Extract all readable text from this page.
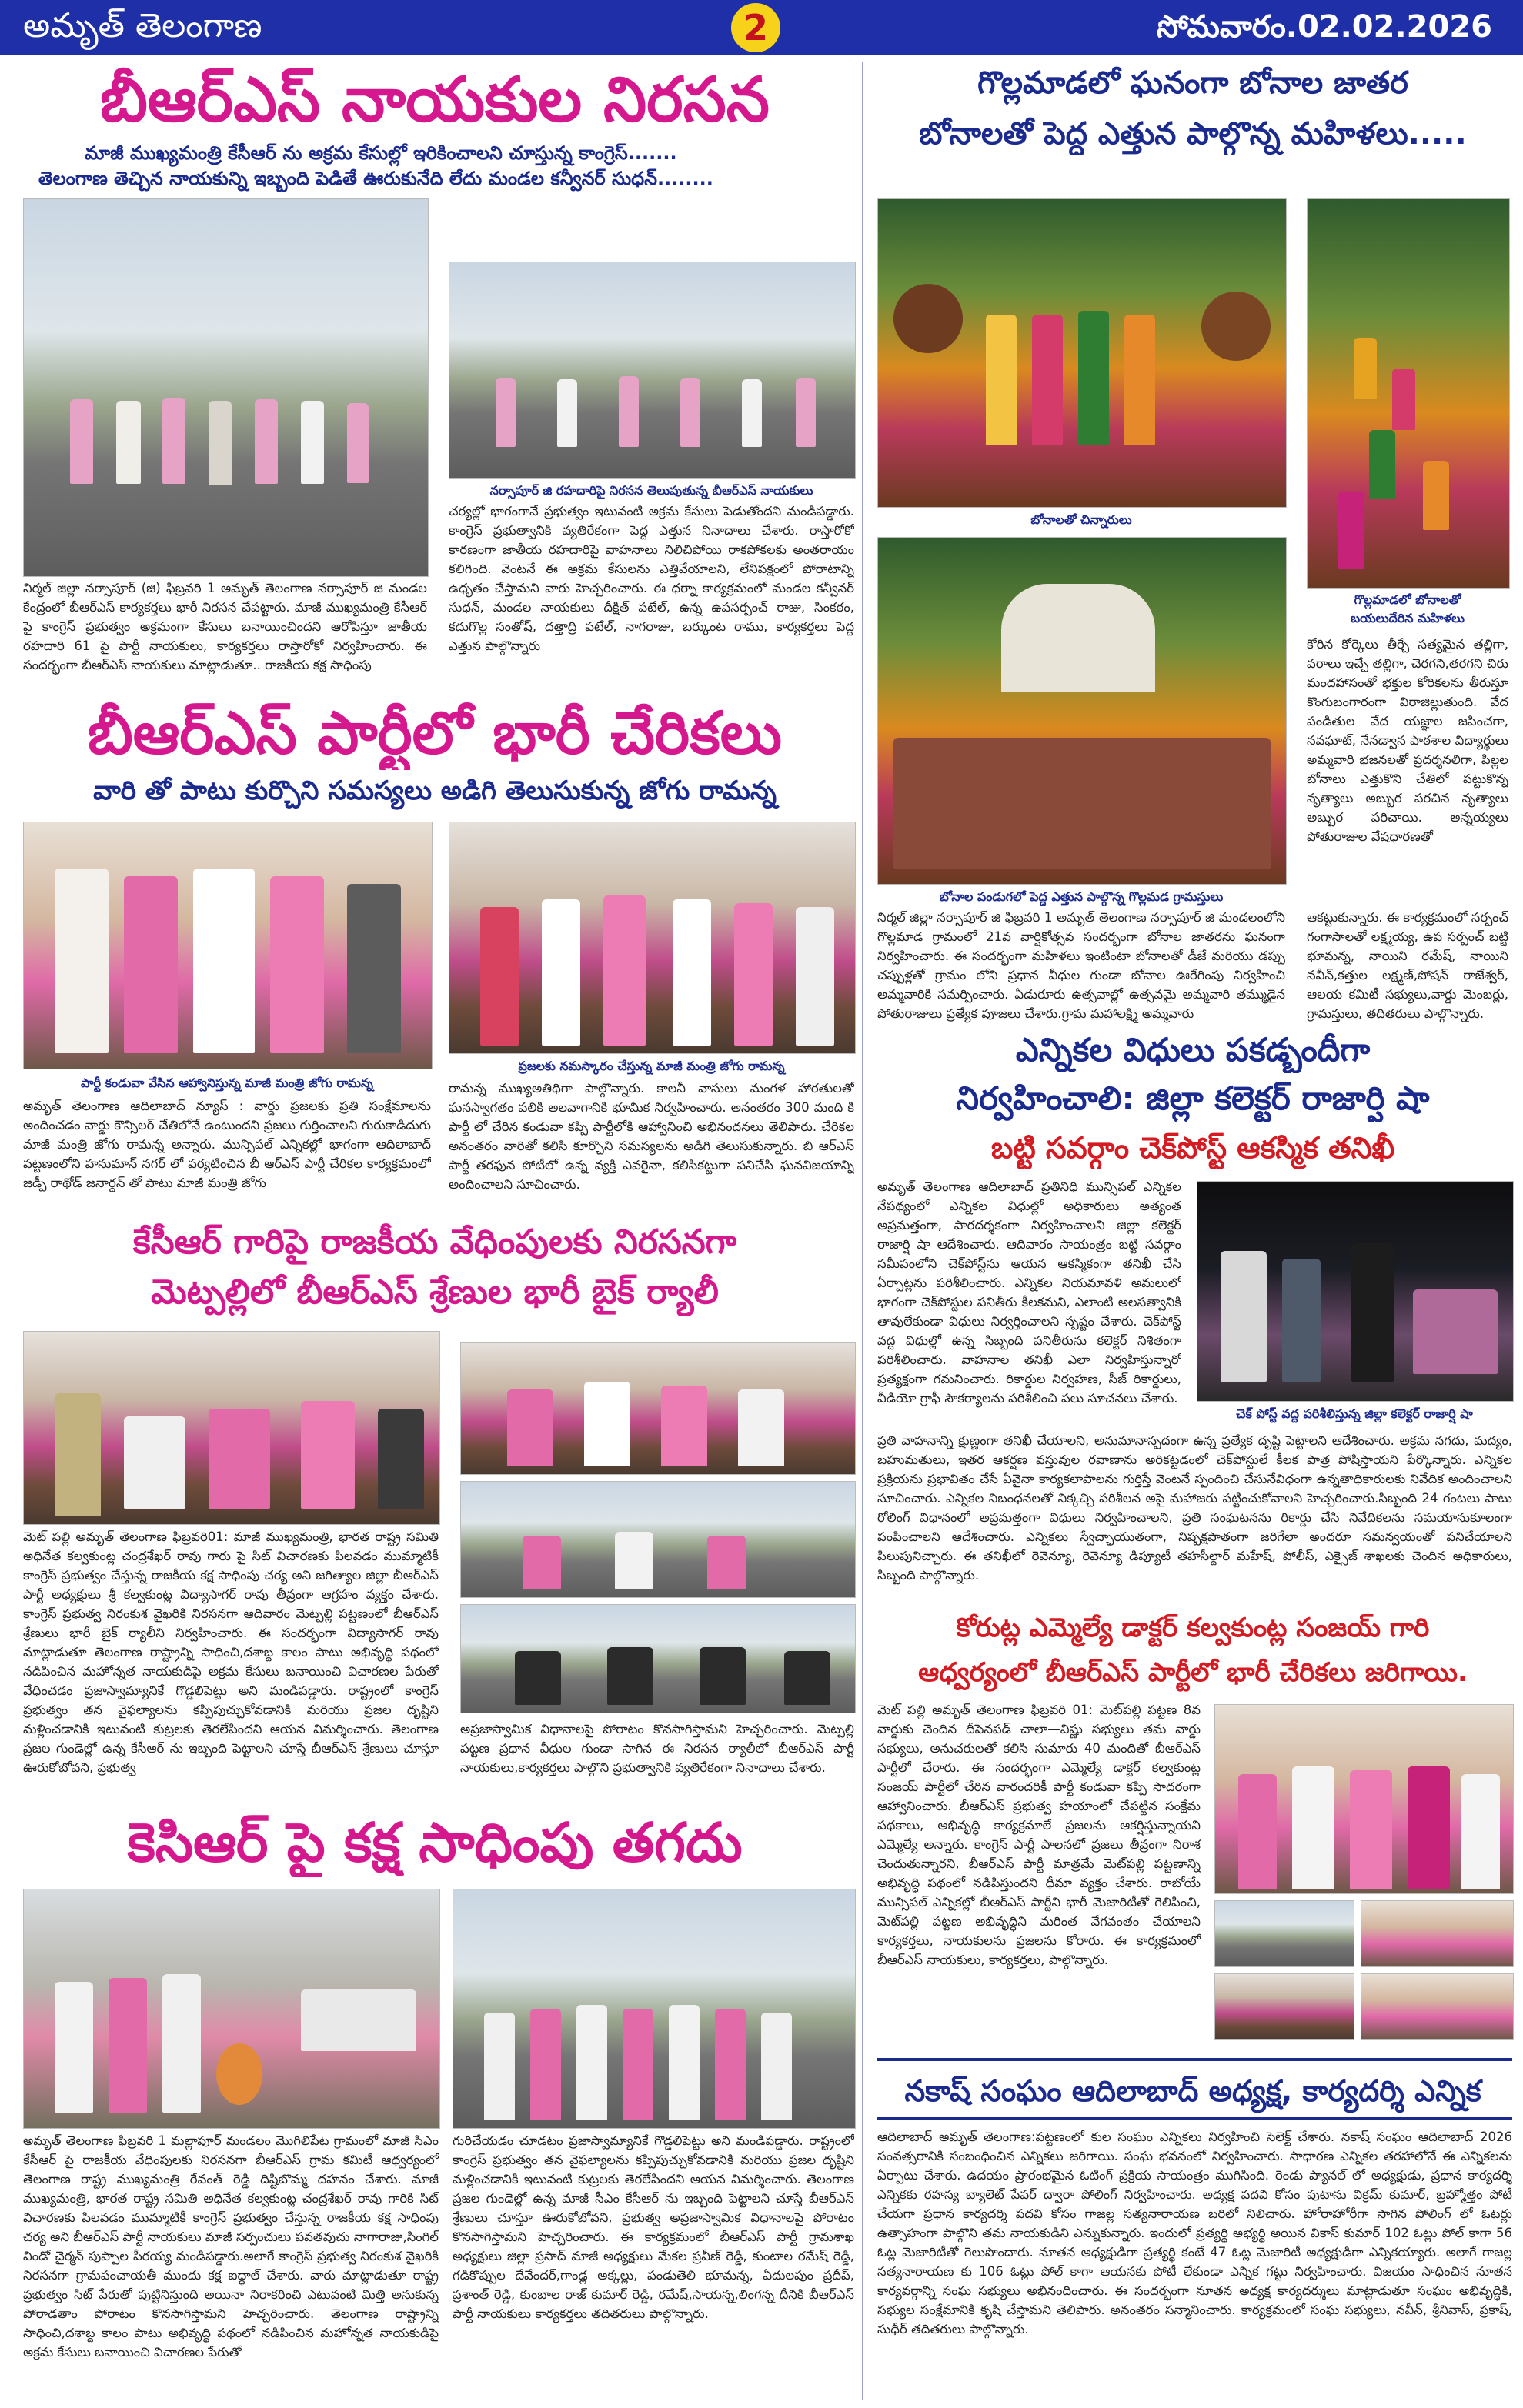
అమృత్ తెలంగాణ	2	సోమవారం.02.02.2026
బీఆర్ఎస్ నాయకుల నిరసన
మాజీ ముఖ్యమంత్రి కేసీఆర్ ను అక్రమ కేసుల్లో ఇరికించాలని చూస్తున్న కాంగ్రెస్.......
తెలంగాణ తెచ్చిన నాయకున్ని ఇబ్బంది పెడితే ఊరుకునేది లేదు మండల కన్వీనర్ సుధన్........
నర్సాపూర్ జి రహదారిపై నిరసన తెలుపుతున్న బీఆర్ఎస్ నాయకులు
నిర్మల్ జిల్లా నర్సాపూర్ (జి) ఫిబ్రవరి 1 అమృత్ తెలంగాణ నర్సాపూర్ జి మండల కేంద్రంలో బీఆర్ఎస్ కార్యకర్తలు భారీ నిరసన చేపట్టారు. మాజీ ముఖ్యమంత్రి కేసీఆర్ పై కాంగ్రెస్ ప్రభుత్వం అక్రమంగా కేసులు బనాయించిందని ఆరోపిస్తూ జాతీయ రహదారి 61 పై పార్టీ నాయకులు, కార్యకర్తలు రాస్తారోకో నిర్వహించారు. ఈ సందర్భంగా బీఆర్ఎస్ నాయకులు మాట్లాడుతూ.. రాజకీయ కక్ష సాధింపు
చర్యల్లో భాగంగానే ప్రభుత్వం ఇటువంటి అక్రమ కేసులు పెడుతోందని మండిపడ్డారు. కాంగ్రెస్ ప్రభుత్వానికి వ్యతిరేకంగా పెద్ద ఎత్తున నినాదాలు చేశారు. రాస్తారోకో కారణంగా జాతీయ రహదారిపై వాహనాలు నిలిచిపోయి రాకపోకలకు అంతరాయం కలిగింది. వెంటనే ఈ అక్రమ కేసులను ఎత్తివేయాలని, లేనిపక్షంలో పోరాటాన్ని ఉధృతం చేస్తామని వారు హెచ్చరించారు. ఈ ధర్నా కార్యక్రమంలో మండల కన్వీనర్ సుధన్, మండల నాయకులు దీక్షిత్ పటేల్, ఉన్న ఉపసర్పంచ్ రాజు, సింకఠం, కదుగొల్ల సంతోష్, దత్తాద్రి పటేల్, నాగరాజు, బర్కుంట రాము, కార్యకర్తలు పెద్ద ఎత్తున పాల్గొన్నారు
బీఆర్ఎస్ పార్టీలో భారీ చేరికలు
వారి తో పాటు కుర్చొని సమస్యలు అడిగి తెలుసుకున్న జోగు రామన్న
పార్టీ కండువా వేసిన ఆహ్వానిస్తున్న మాజీ మంత్రి జోగు రామన్న
ప్రజలకు నమస్కారం చేస్తున్న మాజీ మంత్రి జోగు రామన్న
అమృత్ తెలంగాణ ఆదిలాబాద్ న్యూస్ : వార్డు ప్రజలకు ప్రతి సంక్షేమాలను అందించడం వార్డు కౌన్సిలర్ చేతిలోనే ఉంటుందని ప్రజలు గుర్తించాలని గురుకాడిదుగు మాజీ మంత్రి జోగు రామన్న అన్నారు. మున్సిపల్ ఎన్నికల్లో భాగంగా ఆదిలాబాద్ పట్టణంలోని హనుమాన్ నగర్ లో పర్యటించిన బీ ఆర్ఎస్ పార్టీ చేరికల కార్యక్రమంలో జడ్పీ రాథోడ్ జనార్దన్ తో పాటు మాజీ మంత్రి జోగు
రామన్న ముఖ్యఅతిథిగా పాల్గొన్నారు. కాలనీ వాసులు మంగళ హారతులతో ఘనస్వాగతం పలికి అలవాగానికి భూమిక నిర్వహించారు. అనంతరం 300 మంది కి పార్టీ లో చేరిన కండువా కప్పి పార్టీలోకి ఆహ్వానించి అభినందనలు తెలిపారు. చేరికల అనంతరం వారితో కలిసి కూర్చొని సమస్యలను అడిగి తెలుసుకున్నారు. బి ఆర్ఎస్ పార్టీ తరఫున పోటీలో ఉన్న వ్యక్తి ఎవరైనా, కలిసికట్టుగా పనిచేసి ఘనవిజయాన్ని అందించాలని సూచించారు.
కేసీఆర్ గారిపై రాజకీయ వేధింపులకు నిరసనగా
మెట్పల్లిలో బీఆర్ఎస్ శ్రేణుల భారీ బైక్ ర్యాలీ
మెట్ పల్లి అమృత్ తెలంగాణ ఫిబ్రవరి01: మాజీ ముఖ్యమంత్రి, భారత రాష్ట్ర సమితి అధినేత కల్వకుంట్ల చంద్రశేఖర్ రావు గారు పై సిట్ విచారణకు పిలవడం ముమ్మాటికీ కాంగ్రెస్ ప్రభుత్వం చేస్తున్న రాజకీయ కక్ష సాధింపు చర్య అని జగిత్యాల జిల్లా బీఆర్ఎస్ పార్టీ అధ్యక్షులు శ్రీ కల్వకుంట్ల విద్యాసాగర్ రావు తీవ్రంగా ఆగ్రహం వ్యక్తం చేశారు. కాంగ్రెస్ ప్రభుత్వ నిరంకుశ వైఖరికి నిరసనగా ఆదివారం మెట్పల్లి పట్టణంలో బీఆర్ఎస్ శ్రేణులు భారీ బైక్ ర్యాలీని నిర్వహించారు. ఈ సందర్భంగా విద్యాసాగర్ రావు మాట్లాడుతూ తెలంగాణ రాష్ట్రాన్ని సాధించి,దశాబ్ద కాలం పాటు అభివృద్ధి పథంలో నడిపించిన మహోన్నత నాయకుడిపై అక్రమ కేసులు బనాయించి విచారణల పేరుతో వేధించడం ప్రజాస్వామ్యానికే గొడ్డలిపెట్టు అని మండిపడ్డారు. రాష్ట్రంలో కాంగ్రెస్ ప్రభుత్వం తన వైఫల్యాలను కప్పిపుచ్చుకోవడానికి మరియు ప్రజల దృష్టిని మళ్లించడానికి ఇటువంటి కుట్రలకు తెరలేపిందని ఆయన విమర్శించారు. తెలంగాణ ప్రజల గుండెల్లో ఉన్న కేసీఆర్ ను ఇబ్బంది పెట్టాలని చూస్తే బీఆర్ఎస్ శ్రేణులు చూస్తూ ఊరుకోబోవని, ప్రభుత్వ
అప్రజాస్వామిక విధానాలపై పోరాటం కొనసాగిస్తామని హెచ్చరించారు. మెట్పల్లి పట్టణ ప్రధాన వీధుల గుండా సాగిన ఈ నిరసన ర్యాలీలో బీఆర్ఎస్ పార్టీ నాయకులు,కార్యకర్తలు పాల్గొని ప్రభుత్వానికి వ్యతిరేకంగా నినాదాలు చేశారు.
కెసిఆర్ పై కక్ష సాధింపు తగదు
అమృత్ తెలంగాణ ఫిబ్రవరి 1 మల్లాపూర్ మండలం మొగిలిపేట గ్రామంలో మాజీ సిఎం కేసీఆర్ పై రాజకీయ వేధింపులకు నిరసనగా బీఆర్ఎస్ గ్రామ కమిటీ ఆధ్వర్యంలో తెలంగాణ రాష్ట్ర ముఖ్యమంత్రి రేవంత్ రెడ్డి దిష్టిబొమ్మ దహనం చేశారు. మాజీ ముఖ్యమంత్రి, భారత రాష్ట్ర సమితి అధినేత కల్వకుంట్ల చంద్రశేఖర్ రావు గారికి సిట్ విచారణకు పిలవడం ముమ్మాటికీ కాంగ్రెస్ ప్రభుత్వం చేస్తున్న రాజకీయ కక్ష సాధింపు చర్య అని బీఆర్ఎస్ పార్టీ నాయకులు మాజీ సర్పంచులు పవతవుచు నాగారాజు,సింగిల్ విండో చైర్మన్ పుప్పాల పీరయ్య మండిపడ్డారు.అలాగే కాంగ్రెస్ ప్రభుత్వ నిరంకుశ వైఖరికి నిరసనగా గ్రామపంచాయతీ ముందు కక్ష ఐద్ధాల్ చేశారు. వారు మాట్లాడుతూ రాష్ట్ర ప్రభుత్వం సిట్ పేరుతో పుట్టినిస్తుంది అయినా నిరాకరించి ఎటువంటి మిత్తి అనుకున్న పోరాడతాం పోరాటం కొనసాగిస్తామని హెచ్చరించారు. తెలంగాణ రాష్ట్రాన్ని సాధించి,దశాబ్ద కాలం పాటు అభివృద్ధి పథంలో నడిపించిన మహోన్నత నాయకుడిపై అక్రమ కేసులు బనాయించి విచారణల పేరుతో
గురిచేయడం చూడటం ప్రజాస్వామ్యానికే గొడ్డలిపెట్టు అని మండిపడ్డారు. రాష్ట్రంలో కాంగ్రెస్ ప్రభుత్వం తన వైఫల్యాలను కప్పిపుచ్చుకోవడానికి మరియు ప్రజల దృష్టిని మళ్లించడానికి ఇటువంటి కుట్రలకు తెరలేపిందని ఆయన విమర్శించారు. తెలంగాణ ప్రజల గుండెల్లో ఉన్న మాజీ సీఎం కేసీఆర్ ను ఇబ్బంది పెట్టాలని చూస్తే బీఆర్ఎస్ శ్రేణులు చూస్తూ ఊరుకోబోవని, ప్రభుత్వ అప్రజాస్వామిక విధానాలపై పోరాటం కొనసాగిస్తామని హెచ్చరించారు. ఈ కార్యక్రమంలో బీఆర్ఎస్ పార్టీ గ్రామశాఖ అధ్యక్షులు జిల్లా ప్రసాద్ మాజీ అధ్యక్షులు మేకల ప్రవీణ్ రెడ్డి, కుంటాల రమేష్ రెడ్డి, గడికొప్పుల దేవేందర్,గాండ్ల అక్కల్లు, పండుతెలి భూమన్న, ఏదులపుం ప్రదీప్, ప్రశాంత్ రెడ్డి, కుంబాల రాజ్ కుమార్ రెడ్డి, రమేష్,సాయన్న,లింగన్న దీనికి బీఆర్ఎస్ పార్టీ నాయకులు కార్యకర్తలు తదితరులు పాల్గొన్నారు.
గొల్లమాడలో ఘనంగా బోనాల జాతర
బోనాలతో పెద్ద ఎత్తున పాల్గొన్న మహిళలు.....
బోనాలతో చిన్నారులు
గొల్లమాడలో బోనాలతో
బయలుదేరిన మహిళలు
బోనాల పండుగలో పెద్ద ఎత్తున పాల్గొన్న గొల్లమడ గ్రామస్తులు
కోరిన కోర్కెలు తీర్చే సత్యమైన తల్లిగా, వరాలు ఇచ్చే తల్లిగా, చెరగని,తరగని చిరు మందహాసంతో భక్తుల కోరికలను తీరుస్తూ కొంగుబంగారంగా విరాజిల్లుతుంది. వేద పండితుల వేద యజ్ఞాల జపించగా, నవఘాట్, నేనడ్వాన పాఠశాల విద్యార్థులు అమ్మవారి భజనలతో ప్రదర్శనలిగా, పిల్లల బోనాలు ఎత్తుకొని చేతిలో పట్టుకొన్న నృత్యాలు అబ్బుర పరచిన నృత్యాలు అబ్బుర పరిచాయి. అన్నయ్యలు పోతురాజుల వేషధారణతో
నిర్మల్ జిల్లా నర్సాపూర్ జి ఫిబ్రవరి 1 అమృత్ తెలంగాణ నర్సాపూర్ జి మండలంలోని గొల్లమాడ గ్రామంలో 21వ వార్షికోత్సవ సందర్భంగా బోనాల జాతరను ఘనంగా నిర్వహించారు. ఈ సందర్భంగా మహిళలు ఇంటింటా బోనాలతో డీజే మరియు డప్పు చప్పుళ్లతో గ్రామం లోని ప్రధాన వీధుల గుండా బోనాల ఊరేగింపు నిర్వహించి అమ్మవారికి సమర్పించారు. ఏడురూరు ఉత్సవాల్లో ఉత్సవమై అమ్మవారి తమ్ముడైన పోతురాజులు ప్రత్యేక పూజలు చేశారు.గ్రామ మహాలక్ష్మి అమ్మవారు
ఆకట్టుకున్నారు. ఈ కార్యక్రమంలో సర్పంచ్ గంగాసాలతో లక్ష్మయ్య, ఉప సర్పంచ్ బట్టి భూమన్న, నాయిని రమేష్, నాయిని నవీన్,కత్తుల లక్ష్మణ్,పోషన్ రాజేశ్వర్, ఆలయ కమిటీ సభ్యులు,వార్డు మెంబర్లు, గ్రామస్తులు, తదితరులు పాల్గొన్నారు.
ఎన్నికల విధులు పకడ్బందీగా
నిర్వహించాలి: జిల్లా కలెక్టర్ రాజార్షి షా
బట్టి సవర్గాం చెక్‌పోస్ట్ ఆకస్మిక తనిఖీ
అమృత్ తెలంగాణ ఆదిలాబాద్ ప్రతినిధి మున్సిపల్ ఎన్నికల నేపథ్యంలో ఎన్నికల విధుల్లో అధికారులు అత్యంత అప్రమత్తంగా, పారదర్శకంగా నిర్వహించాలని జిల్లా కలెక్టర్ రాజార్షి షా ఆదేశించారు. ఆదివారం సాయంత్రం బట్టి సవర్గాం సమీపంలోని చెక్‌పోస్ట్‌ను ఆయన ఆకస్మికంగా తనిఖీ చేసి ఏర్పాట్లను పరిశీలించారు. ఎన్నికల నియమావళి అమలులో భాగంగా చెక్‌పోస్టుల పనితీరు కీలకమని, ఎలాంటి అలసత్వానికి తావులేకుండా విధులు నిర్వర్తించాలని స్పష్టం చేశారు. చెక్‌పోస్ట్ వద్ద విధుల్లో ఉన్న సిబ్బంది పనితీరును కలెక్టర్ నిశితంగా పరిశీలించారు. వాహనాల తనిఖీ ఎలా నిర్వహిస్తున్నారో ప్రత్యక్షంగా గమనించారు. రికార్డుల నిర్వహణ, సీజ్ రికార్డులు, వీడియో గ్రాఫీ సౌకర్యాలను పరిశీలించి పలు సూచనలు చేశారు.
చెక్ పోస్ట్ వద్ద పరిశీలిస్తున్న జిల్లా కలెక్టర్ రాజార్షి షా
ప్రతి వాహనాన్ని క్షుణ్ణంగా తనిఖీ చేయాలని, అనుమానాస్పదంగా ఉన్న ప్రత్యేక దృష్టి పెట్టాలని ఆదేశించారు. అక్రమ నగదు, మద్యం, బహుమతులు, ఇతర ఆకర్షణ వస్తువుల రవాణాను అరికట్టడంలో చెక్‌పోస్టులే కీలక పాత్ర పోషిస్తాయని పేర్కొన్నారు. ఎన్నికల ప్రక్రియను ప్రభావితం చేసే ఏవైనా కార్యకలాపాలను గుర్తిస్తే వెంటనే స్పందించి చేసునేవిధంగా ఉన్నతాధికారులకు నివేదిక అందించాలని సూచించారు. ఎన్నికల నిబంధనలతో నిక్కచ్చి పరిశీలన అపై మహాజరు పట్టించుకోవాలని హెచ్చరించారు.సిబ్బంది 24 గంటలు పాటు రోలింగ్ విధానంలో అప్రమత్తంగా విధులు నిర్వహించాలని, ప్రతి సంఘటనను రికార్డు చేసి నివేదికలను సమయానుకూలంగా పంపించాలని ఆదేశించారు. ఎన్నికలు స్వేచ్ఛాయుతంగా, నిష్పక్షపాతంగా జరిగేలా అందరూ సమన్వయంతో పనిచేయాలని పిలుపునిచ్చారు. ఈ తనిఖీలో రెవెన్యూ, రెవెన్యూ డిప్యూటీ తహసీల్దార్ మహేష్, పోలీస్, ఎక్సైజ్ శాఖలకు చెందిన అధికారులు, సిబ్బంది పాల్గొన్నారు.
కోరుట్ల ఎమ్మెల్యే డాక్టర్ కల్వకుంట్ల సంజయ్ గారి
ఆధ్వర్యంలో బీఆర్ఎస్ పార్టీలో భారీ చేరికలు జరిగాయి.
మెట్ పల్లి అమృత్ తెలంగాణ ఫిబ్రవరి 01: మెట్‌పల్లి పట్టణ 8వ వార్డుకు చెందిన దీపెనపడ్ చాలా—విష్ణు సభ్యులు తమ వార్డు సభ్యులు, అనుచరులతో కలిసి సుమారు 40 మందితో బీఆర్ఎస్ పార్టీలో చేరారు. ఈ సందర్భంగా ఎమ్మెల్యే డాక్టర్ కల్వకుంట్ల సంజయ్ పార్టీలో చేరిన వారందరికీ పార్టీ కండువా కప్పి సాదరంగా ఆహ్వానించారు. బీఆర్ఎస్ ప్రభుత్వ హయాంలో చేపట్టిన సంక్షేమ పథకాలు, అభివృద్ధి కార్యక్రమాలే ప్రజలను ఆకర్షిస్తున్నాయని ఎమ్మెల్యే అన్నారు. కాంగ్రెస్ పార్టీ పాలనలో ప్రజలు తీవ్రంగా నిరాశ చెందుతున్నారని, బీఆర్ఎస్ పార్టీ మాత్రమే మెట్‌పల్లి పట్టణాన్ని అభివృద్ధి పథంలో నడిపిస్తుందని ధీమా వ్యక్తం చేశారు. రాబోయే మున్సిపల్ ఎన్నికల్లో బీఆర్ఎస్ పార్టీని భారీ మెజారిటీతో గెలిపించి, మెట్‌పల్లి పట్టణ అభివృద్ధిని మరింత వేగవంతం చేయాలని కార్యకర్తలు, నాయకులను ప్రజలను కోరారు. ఈ కార్యక్రమంలో బీఆర్ఎస్ నాయకులు, కార్యకర్తలు, పాల్గొన్నారు.
నకాష్ సంఘం ఆదిలాబాద్ అధ్యక్ష, కార్యదర్శి ఎన్నిక
ఆదిలాబాద్ అమృత్ తెలంగాణ:పట్టణంలో కుల సంఘం ఎన్నికలు నిర్వహించి సెలెక్ట్ చేశారు. నకాష్ సంఘం ఆదిలాబాద్ 2026 సంవత్సరానికి సంబంధించిన ఎన్నికలు జరిగాయి. సంఘ భవనంలో నిర్వహించారు. సాధారణ ఎన్నికల తరహాలోనే ఈ ఎన్నికలను ఏర్పాటు చేశారు. ఉదయం ప్రారంభమైన ఓటింగ్ ప్రక్రియ సాయంత్రం ముగిసింది. రెండు ప్యానల్ లో అధ్యక్షుడు, ప్రధాన కార్యదర్శి ఎన్నికకు రహస్య బ్యాలెట్ పేపర్ ద్వారా పోలింగ్ నిర్వహించారు. అధ్యక్ష పదవి కోసం పుటాను విక్రమ్ కుమార్, బ్రహ్మోత్తం పోటీ చేయగా ప్రధాన కార్యదర్శి పదవి కోసం గాజల్ల సత్యనారాయణ బరిలో నిలిచారు. హోరాహోరీగా సాగిన పోలింగ్ లో ఓటర్లు ఉత్సాహంగా పాల్గొని తమ నాయకుడిని ఎన్నుకున్నారు. ఇందులో ప్రత్యర్థి అభ్యర్థి అయిన వికాస్ కుమార్ 102 ఓట్లు పోల్ కాగా 56 ఓట్ల మెజారిటీతో గెలుపొందారు. నూతన అధ్యక్షుడిగా ప్రత్యర్థి కంటే 47 ఓట్ల మెజారిటీ అధ్యక్షుడిగా ఎన్నికయ్యారు. అలాగే గాజల్ల సత్యనారాయణ కు 106 ఓట్లు పోల్ కాగా ఆయనకు పోటీ లేకుండా ఎన్నిక గట్టు నిర్వహించారు. విజయం సాధించిన నూతన కార్యవర్గాన్ని సంఘ సభ్యులు అభినందించారు. ఈ సందర్భంగా నూతన అధ్యక్ష కార్యదర్శులు మాట్లాడుతూ సంఘం అభివృద్ధికి, సభ్యుల సంక్షేమానికి కృషి చేస్తామని తెలిపారు. అనంతరం సన్మానించారు. కార్యక్రమంలో సంఘ సభ్యులు, నవీన్, శ్రీనివాస్, ప్రకాష్, సుధీర్ తదితరులు పాల్గొన్నారు.
